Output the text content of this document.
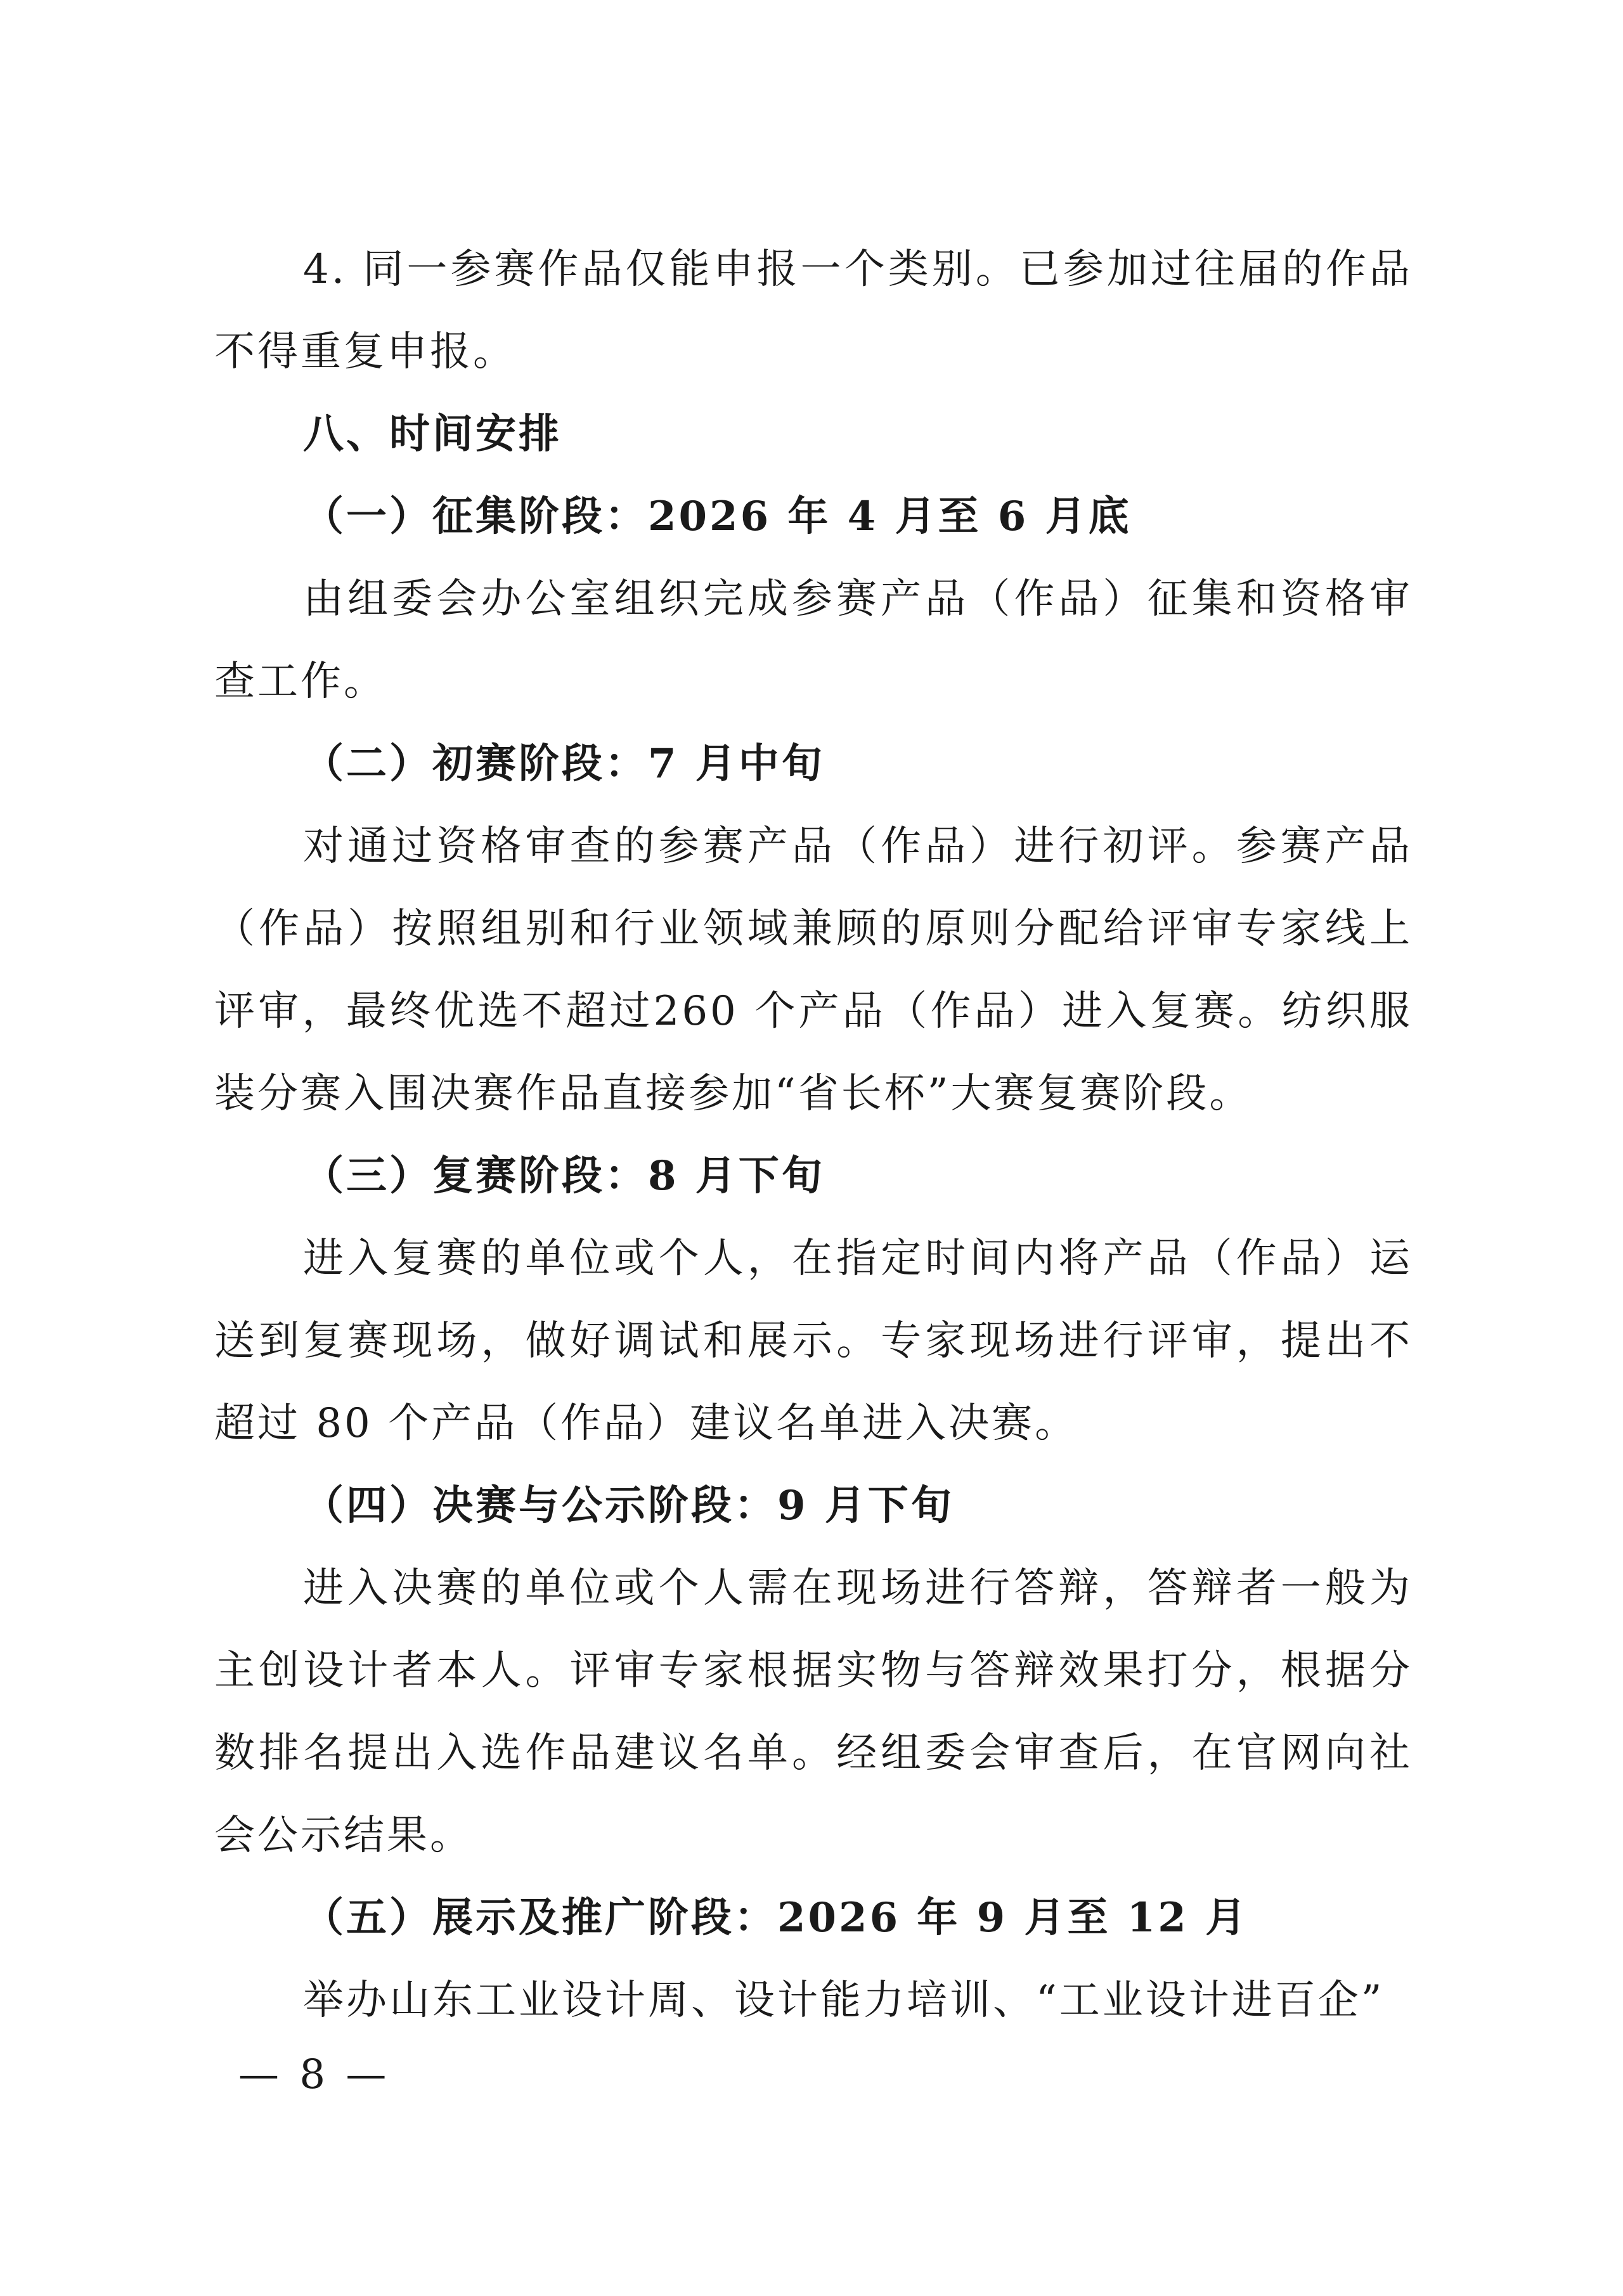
4. 同一参赛作品仅能申报一个类别。已参加过往届的作品不得重复申报。

八、时间安排

（一）征集阶段：2026 年 4 月至 6 月底

由组委会办公室组织完成参赛产品（作品）征集和资格审查工作。

（二）初赛阶段：7 月中旬

对通过资格审查的参赛产品（作品）进行初评。参赛产品（作品）按照组别和行业领域兼顾的原则分配给评审专家线上评审，最终优选不超过260 个产品（作品）进入复赛。纺织服装分赛入围决赛作品直接参加“省长杯”大赛复赛阶段。

（三）复赛阶段：8 月下旬

进入复赛的单位或个人，在指定时间内将产品（作品）运送到复赛现场，做好调试和展示。专家现场进行评审，提出不超过 80 个产品（作品）建议名单进入决赛。

（四）决赛与公示阶段：9 月下旬

进入决赛的单位或个人需在现场进行答辩，答辩者一般为主创设计者本人。评审专家根据实物与答辩效果打分，根据分数排名提出入选作品建议名单。经组委会审查后，在官网向社会公示结果。

（五）展示及推广阶段：2026 年 9 月至 12 月

举办山东工业设计周、设计能力培训、“工业设计进百企”

— 8 —
